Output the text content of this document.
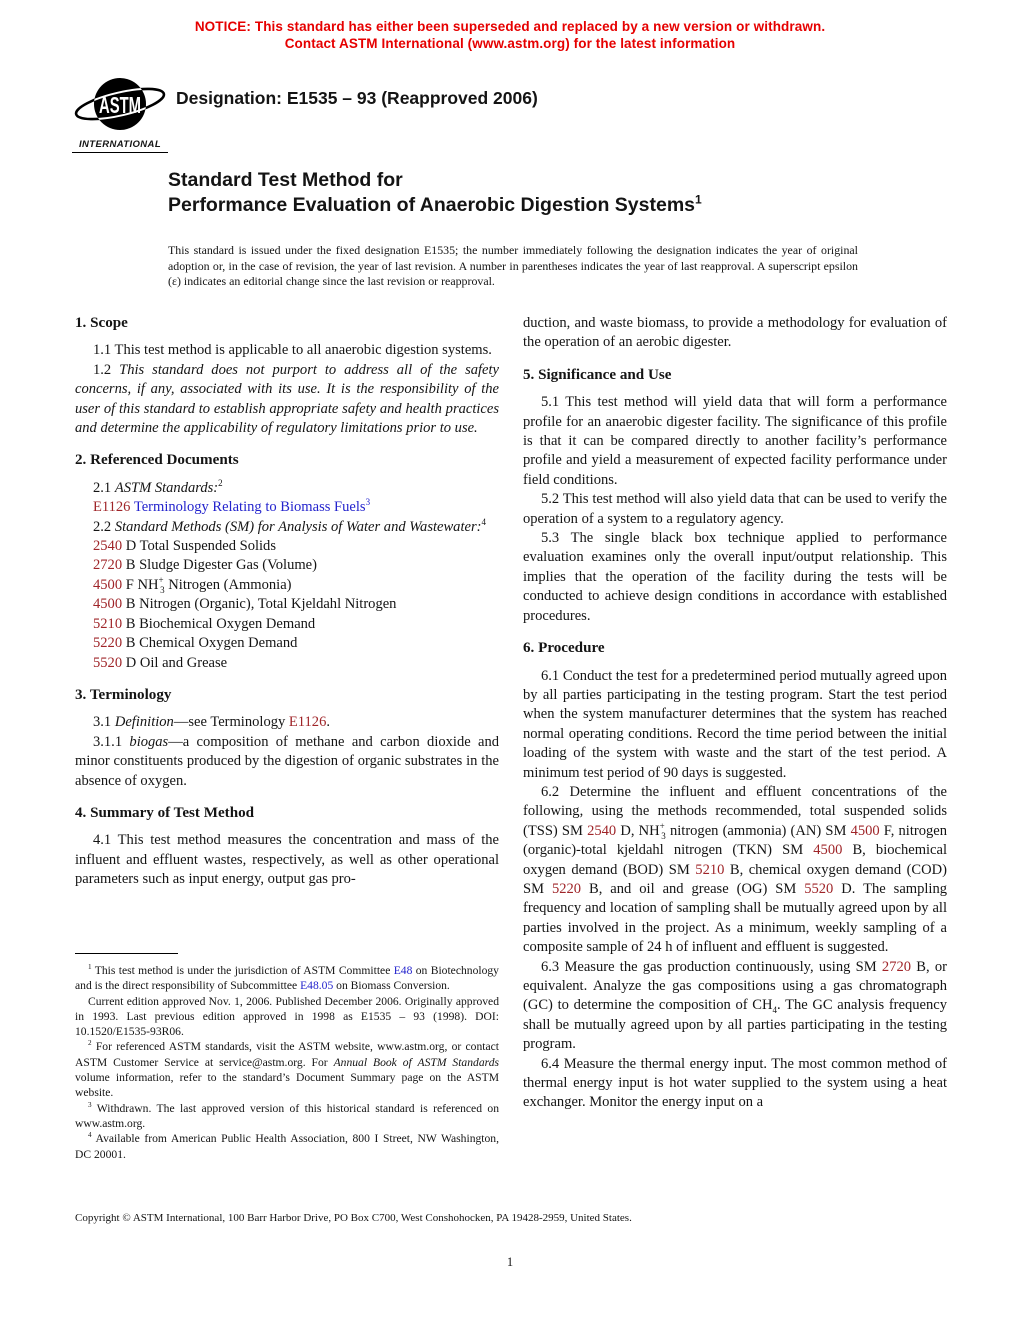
NOTICE: This standard has either been superseded and replaced by a new version or withdrawn.
Contact ASTM International (www.astm.org) for the latest information
ASTM
INTERNATIONAL
Designation: E1535 – 93 (Reapproved 2006)
Standard Test Method for
Performance Evaluation of Anaerobic Digestion Systems$^1$
This standard is issued under the fixed designation E1535; the number immediately following the designation indicates the year of original adoption or, in the case of revision, the year of last revision. A number in parentheses indicates the year of last reapproval. A superscript epsilon (ε) indicates an editorial change since the last revision or reapproval.
1. Scope
1.1 This test method is applicable to all anaerobic digestion systems.
1.2 This standard does not purport to address all of the safety concerns, if any, associated with its use. It is the responsibility of the user of this standard to establish appropriate safety and health practices and determine the applicability of regulatory limitations prior to use.
2. Referenced Documents
2.1 ASTM Standards:$^2$
E1126 Terminology Relating to Biomass Fuels$^3$
2.2 Standard Methods (SM) for Analysis of Water and Wastewater:$^4$
2540 D Total Suspended Solids
2720 B Sludge Digester Gas (Volume)
4500 F $NH^+_3$ Nitrogen (Ammonia)
4500 B Nitrogen (Organic), Total Kjeldahl Nitrogen
5210 B Biochemical Oxygen Demand
5220 B Chemical Oxygen Demand
5520 D Oil and Grease
3. Terminology
3.1 Definition—see Terminology E1126.
3.1.1 biogas—a composition of methane and carbon dioxide and minor constituents produced by the digestion of organic substrates in the absence of oxygen.
4. Summary of Test Method
4.1 This test method measures the concentration and mass of the influent and effluent wastes, respectively, as well as other operational parameters such as input energy, output gas pro-
duction, and waste biomass, to provide a methodology for evaluation of the operation of an aerobic digester.
5. Significance and Use
5.1 This test method will yield data that will form a performance profile for an anaerobic digester facility. The significance of this profile is that it can be compared directly to another facility’s performance profile and yield a measurement of expected facility performance under field conditions.
5.2 This test method will also yield data that can be used to verify the operation of a system to a regulatory agency.
5.3 The single black box technique applied to performance evaluation examines only the overall input/output relationship. This implies that the operation of the facility during the tests will be conducted to achieve design conditions in accordance with established procedures.
6. Procedure
6.1 Conduct the test for a predetermined period mutually agreed upon by all parties participating in the testing program. Start the test period when the system manufacturer determines that the system has reached normal operating conditions. Record the time period between the initial loading of the system with waste and the start of the test period. A minimum test period of 90 days is suggested.
6.2 Determine the influent and effluent concentrations of the following, using the methods recommended, total suspended solids (TSS) SM 2540 D, $NH^+_3$ nitrogen (ammonia) (AN) SM 4500 F, nitrogen (organic)-total kjeldahl nitrogen (TKN) SM 4500 B, biochemical oxygen demand (BOD) SM 5210 B, chemical oxygen demand (COD) SM 5220 B, and oil and grease (OG) SM 5520 D. The sampling frequency and location of sampling shall be mutually agreed upon by all parties involved in the project. As a minimum, weekly sampling of a composite sample of 24 h of influent and effluent is suggested.
6.3 Measure the gas production continuously, using SM 2720 B, or equivalent. Analyze the gas compositions using a gas chromatograph (GC) to determine the composition of $CH_4$. The GC analysis frequency shall be mutually agreed upon by all parties participating in the testing program.
6.4 Measure the thermal energy input. The most common method of thermal energy input is hot water supplied to the system using a heat exchanger. Monitor the energy input on a
$^1$ This test method is under the jurisdiction of ASTM Committee E48 on Biotechnology and is the direct responsibility of Subcommittee E48.05 on Biomass Conversion.
Current edition approved Nov. 1, 2006. Published December 2006. Originally approved in 1993. Last previous edition approved in 1998 as E1535 – 93 (1998). DOI: 10.1520/E1535-93R06.
$^2$ For referenced ASTM standards, visit the ASTM website, www.astm.org, or contact ASTM Customer Service at service@astm.org. For Annual Book of ASTM Standards volume information, refer to the standard’s Document Summary page on the ASTM website.
$^3$ Withdrawn. The last approved version of this historical standard is referenced on www.astm.org.
$^4$ Available from American Public Health Association, 800 I Street, NW Washington, DC 20001.
Copyright © ASTM International, 100 Barr Harbor Drive, PO Box C700, West Conshohocken, PA 19428-2959, United States.
1
